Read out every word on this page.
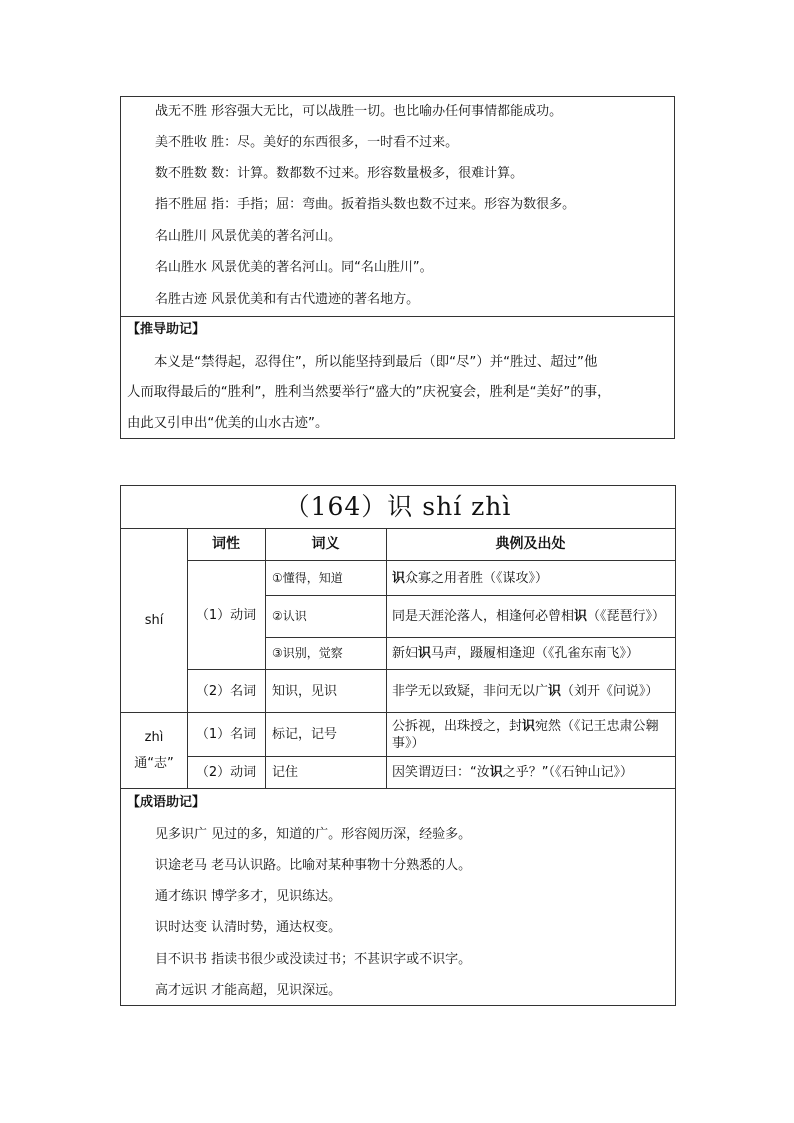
战无不胜 形容强大无比，可以战胜一切。也比喻办任何事情都能成功。
美不胜收 胜：尽。美好的东西很多，一时看不过来。
数不胜数 数：计算。数都数不过来。形容数量极多，很难计算。
指不胜屈 指：手指；屈：弯曲。扳着指头数也数不过来。形容为数很多。
名山胜川 风景优美的著名河山。
名山胜水 风景优美的著名河山。同“名山胜川”。
名胜古迹 风景优美和有古代遗迹的著名地方。
【推导助记】
本义是“禁得起，忍得住”，所以能坚持到最后（即“尽”）并“胜过、超过”他
人而取得最后的“胜利”，胜利当然要举行“盛大的”庆祝宴会，胜利是“美好”的事，
由此又引申出“优美的山水古迹”。
（164）识 shí zhì
词性	词义	典例及出处
shí
zhì
通“志”
（1）动词
（2）名词
（1）名词
（2）动词
①懂得，知道
②认识
③识别，觉察
知识，见识
标记，记号
记住
识众寡之用者胜（《谋攻》）
同是天涯沦落人，相逢何必曾相识（《琵琶行》）
新妇识马声，蹑履相逢迎（《孔雀东南飞》）
非学无以致疑，非问无以广识（刘开《问说》）
公拆视，出珠授之，封识宛然（《记王忠肃公翱事》）
因笑谓迈曰：“汝识之乎？”（《石钟山记》）
【成语助记】
见多识广 见过的多，知道的广。形容阅历深，经验多。
识途老马 老马认识路。比喻对某种事物十分熟悉的人。
通才练识 博学多才，见识练达。
识时达变 认清时势，通达权变。
目不识书 指读书很少或没读过书；不甚识字或不识字。
高才远识 才能高超，见识深远。
